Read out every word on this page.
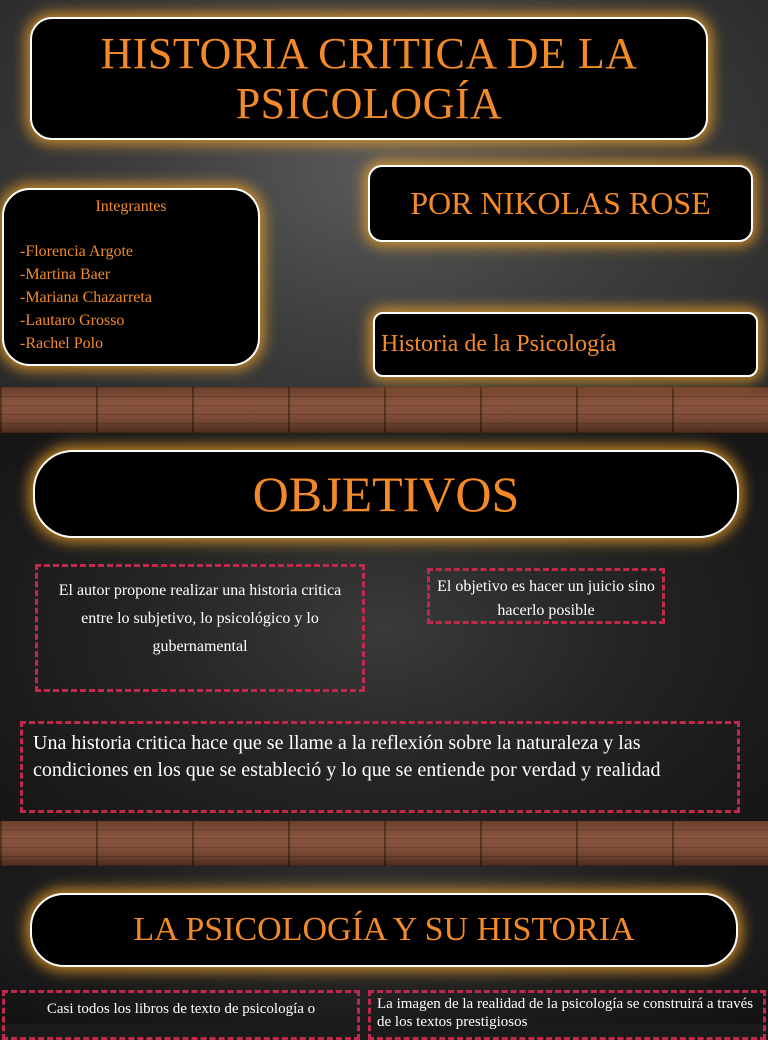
HISTORIA CRITICA DE LA PSICOLOGÍA
Integrantes
-Florencia Argote
-Martina Baer
-Mariana Chazarreta
-Lautaro Grosso
-Rachel Polo
POR NIKOLAS ROSE
Historia de la Psicología
OBJETIVOS
El autor propone realizar una historia critica entre lo subjetivo, lo psicológico y lo gubernamental
El objetivo es hacer un juicio sino hacerlo posible
Una historia critica hace que se llame a la reflexión sobre la naturaleza y las condiciones en los que se estableció y lo que se entiende por verdad y realidad
LA PSICOLOGÍA Y SU HISTORIA
Casi todos los libros de texto de psicología o	La imagen de la realidad de la psicología se construirá a través de los textos prestigiosos
